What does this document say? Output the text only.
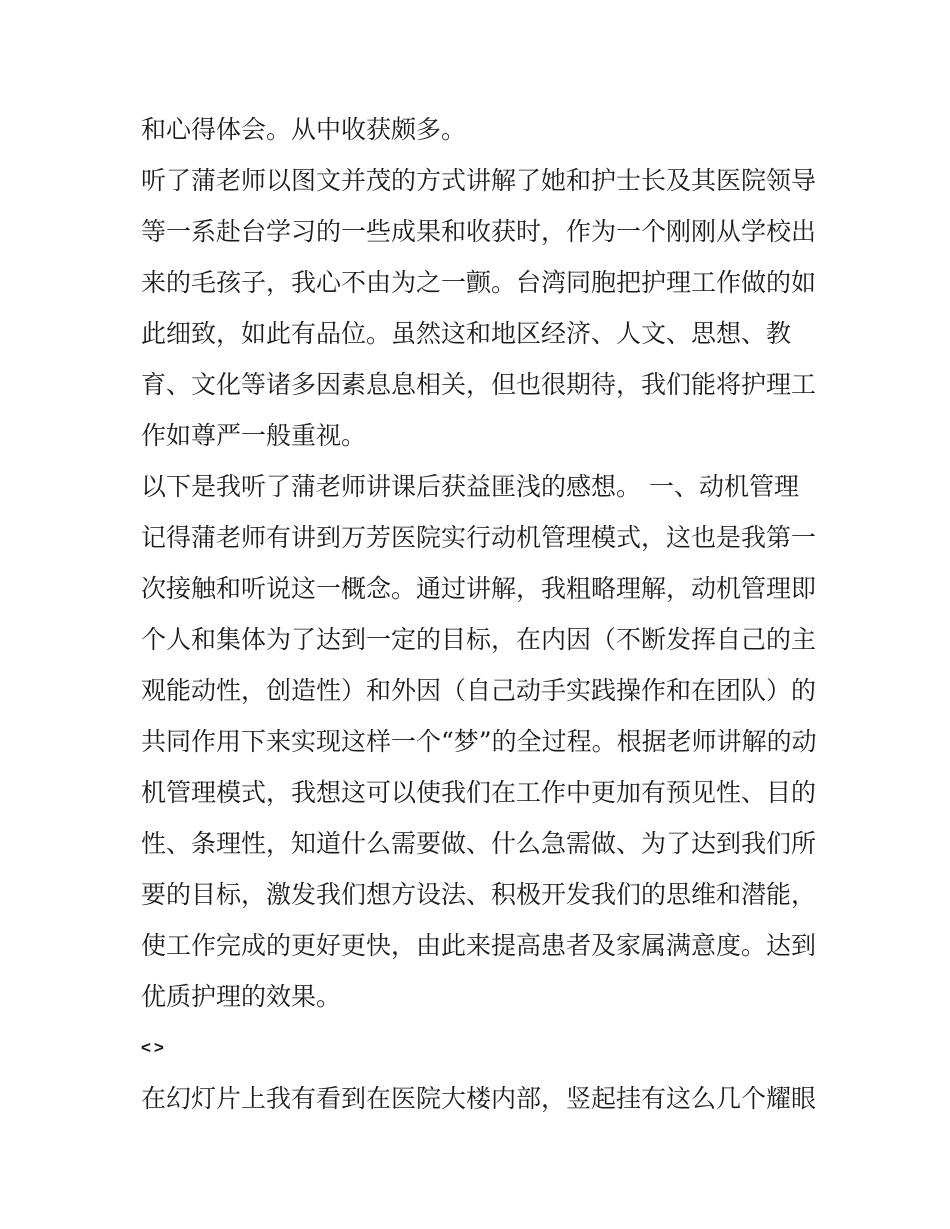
和心得体会。从中收获颇多。
听了蒲老师以图文并茂的方式讲解了她和护士长及其医院领导
等一系赴台学习的一些成果和收获时，作为一个刚刚从学校出
来的毛孩子，我心不由为之一颤。台湾同胞把护理工作做的如
此细致，如此有品位。虽然这和地区经济、人文、思想、教
育、文化等诸多因素息息相关，但也很期待，我们能将护理工
作如尊严一般重视。
以下是我听了蒲老师讲课后获益匪浅的感想。 一、动机管理
记得蒲老师有讲到万芳医院实行动机管理模式，这也是我第一
次接触和听说这一概念。通过讲解，我粗略理解，动机管理即
个人和集体为了达到一定的目标，在内因（不断发挥自己的主
观能动性，创造性）和外因（自己动手实践操作和在团队）的
共同作用下来实现这样一个“梦”的全过程。根据老师讲解的动
机管理模式，我想这可以使我们在工作中更加有预见性、目的
性、条理性，知道什么需要做、什么急需做、为了达到我们所
要的目标，激发我们想方设法、积极开发我们的思维和潜能，
使工作完成的更好更快，由此来提高患者及家属满意度。达到
优质护理的效果。
<>
在幻灯片上我有看到在医院大楼内部，竖起挂有这么几个耀眼
